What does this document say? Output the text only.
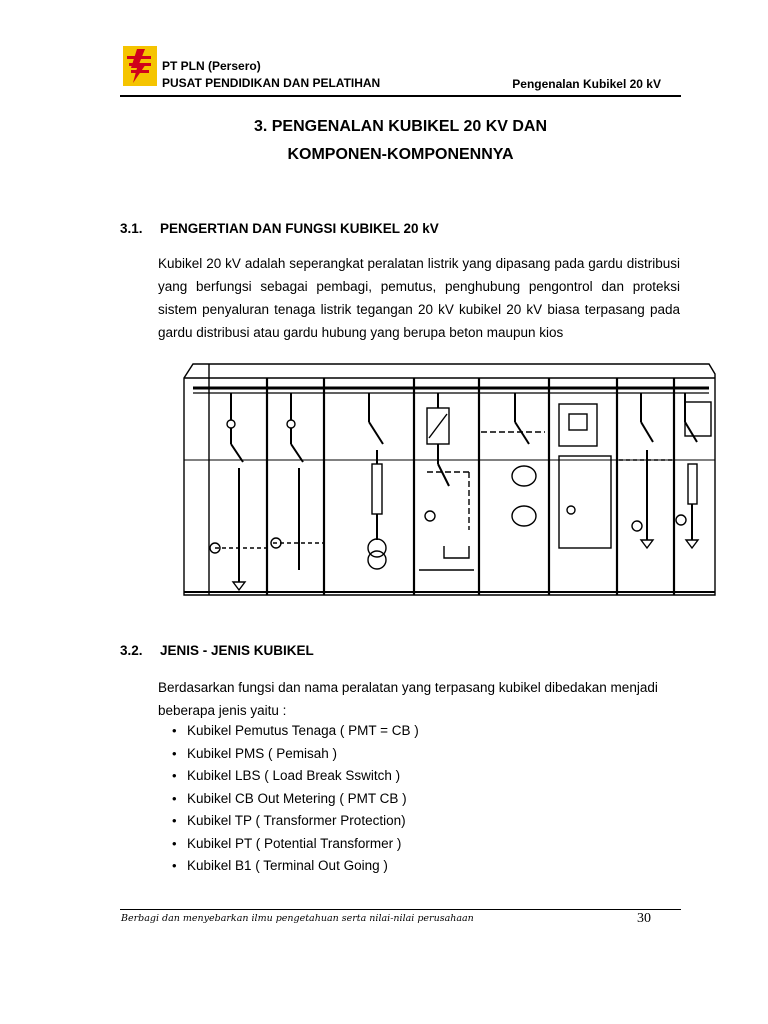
PT PLN (Persero)
PUSAT PENDIDIKAN DAN PELATIHAN	Pengenalan Kubikel 20 kV
3. PENGENALAN KUBIKEL 20 KV DAN
KOMPONEN-KOMPONENNYA
3.1. PENGERTIAN DAN FUNGSI KUBIKEL 20 kV
Kubikel 20 kV adalah seperangkat peralatan listrik yang dipasang pada gardu distribusi yang berfungsi sebagai pembagi, pemutus, penghubung pengontrol dan proteksi sistem penyaluran tenaga listrik tegangan 20 kV kubikel 20 kV biasa terpasang pada gardu distribusi atau gardu hubung yang berupa beton maupun kios
3.2. JENIS - JENIS KUBIKEL
Berdasarkan fungsi dan nama peralatan yang terpasang kubikel dibedakan menjadi beberapa jenis yaitu :
• Kubikel Pemutus Tenaga ( PMT = CB )
• Kubikel PMS ( Pemisah )
• Kubikel LBS ( Load Break Sswitch )
• Kubikel CB Out Metering ( PMT CB )
• Kubikel TP ( Transformer Protection)
• Kubikel PT ( Potential Transformer )
• Kubikel B1 ( Terminal Out Going )
Berbagi dan menyebarkan ilmu pengetahuan serta nilai-nilai perusahaan	30
